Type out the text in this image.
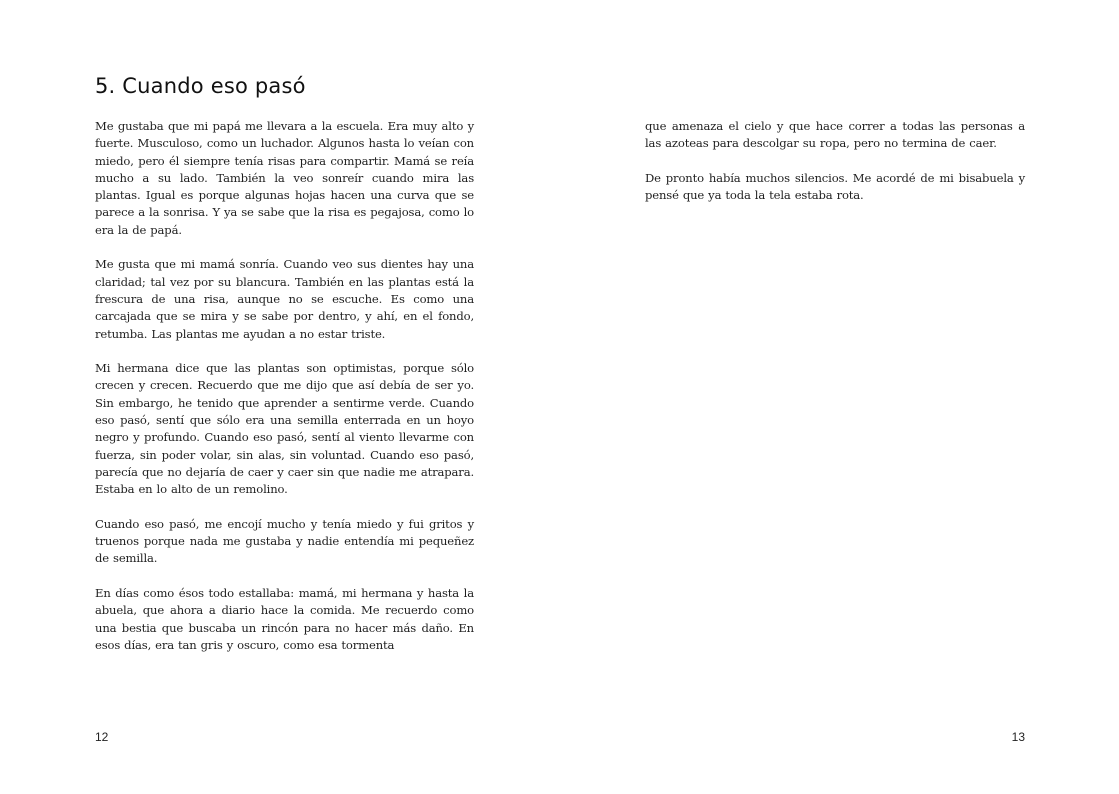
5. Cuando eso pasó

Me gustaba que mi papá me llevara a la escuela. Era muy alto y fuerte. Musculoso, como un luchador. Algunos hasta lo veían con miedo, pero él siempre tenía risas para compartir. Mamá se reía mucho a su lado. También la veo sonreír cuando mira las plantas. Igual es porque algunas hojas hacen una curva que se parece a la sonrisa. Y ya se sabe que la risa es pegajosa, como lo era la de papá.

Me gusta que mi mamá sonría. Cuando veo sus dientes hay una claridad; tal vez por su blancura. También en las plantas está la frescura de una risa, aunque no se escuche. Es como una carcajada que se mira y se sabe por dentro, y ahí, en el fondo, retumba. Las plantas me ayudan a no estar triste.

Mi hermana dice que las plantas son optimistas, porque sólo crecen y crecen. Recuerdo que me dijo que así debía de ser yo. Sin embargo, he tenido que aprender a sentirme verde. Cuando eso pasó, sentí que sólo era una semilla enterrada en un hoyo negro y profundo. Cuando eso pasó, sentí al viento llevarme con fuerza, sin poder volar, sin alas, sin voluntad. Cuando eso pasó, parecía que no dejaría de caer y caer sin que nadie me atrapara. Estaba en lo alto de un remolino.

Cuando eso pasó, me encojí mucho y tenía miedo y fui gritos y truenos porque nada me gustaba y nadie entendía mi pequeñez de semilla.

En días como ésos todo estallaba: mamá, mi hermana y hasta la abuela, que ahora a diario hace la comida. Me recuerdo como una bestia que buscaba un rincón para no hacer más daño. En esos días, era tan gris y oscuro, como esa tormenta

12

que amenaza el cielo y que hace correr a todas las personas a las azoteas para descolgar su ropa, pero no termina de caer.

De pronto había muchos silencios. Me acordé de mi bisabuela y pensé que ya toda la tela estaba rota.

13
